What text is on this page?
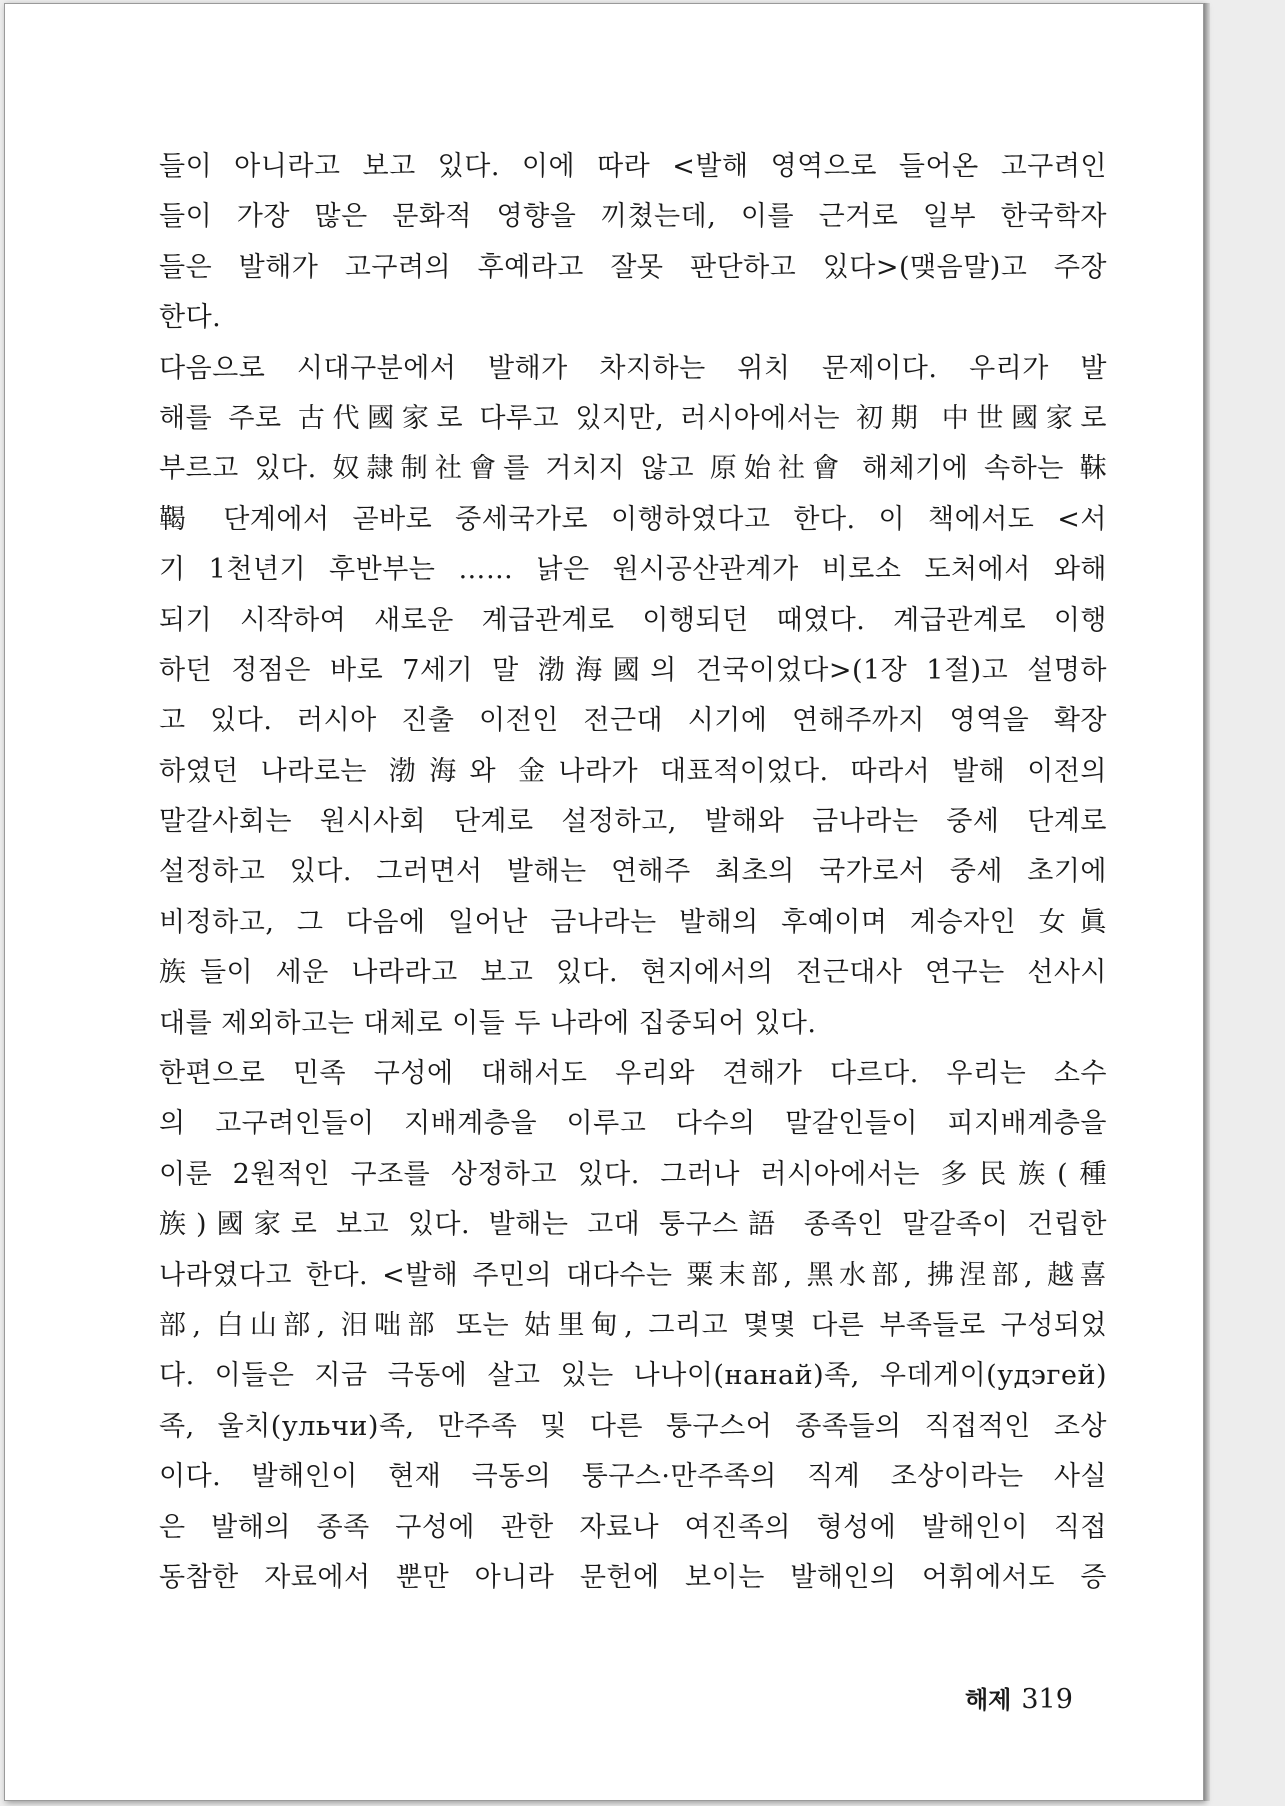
들이 아니라고 보고 있다. 이에 따라 <발해 영역으로 들어온 고구려인
들이 가장 많은 문화적 영향을 끼쳤는데, 이를 근거로 일부 한국학자
들은 발해가 고구려의 후예라고 잘못 판단하고 있다>(맺음말)고 주장
한다.
다음으로 시대구분에서 발해가 차지하는 위치 문제이다. 우리가 발
해를 주로 古代國家로 다루고 있지만, 러시아에서는 初期 中世國家로
부르고 있다. 奴隷制社會를 거치지 않고 原始社會 해체기에 속하는 靺
鞨 단계에서 곧바로 중세국가로 이행하였다고 한다. 이 책에서도 <서
기 1천년기 후반부는 …… 낡은 원시공산관계가 비로소 도처에서 와해
되기 시작하여 새로운 계급관계로 이행되던 때였다. 계급관계로 이행
하던 정점은 바로 7세기 말 渤海國의 건국이었다>(1장 1절)고 설명하
고 있다. 러시아 진출 이전인 전근대 시기에 연해주까지 영역을 확장
하였던 나라로는 渤海와 金나라가 대표적이었다. 따라서 발해 이전의
말갈사회는 원시사회 단계로 설정하고, 발해와 금나라는 중세 단계로
설정하고 있다. 그러면서 발해는 연해주 최초의 국가로서 중세 초기에
비정하고, 그 다음에 일어난 금나라는 발해의 후예이며 계승자인 女眞
族들이 세운 나라라고 보고 있다. 현지에서의 전근대사 연구는 선사시
대를 제외하고는 대체로 이들 두 나라에 집중되어 있다.
한편으로 민족 구성에 대해서도 우리와 견해가 다르다. 우리는 소수
의 고구려인들이 지배계층을 이루고 다수의 말갈인들이 피지배계층을
이룬 2원적인 구조를 상정하고 있다. 그러나 러시아에서는 多民族(種
族)國家로 보고 있다. 발해는 고대 퉁구스語 종족인 말갈족이 건립한
나라였다고 한다. <발해 주민의 대다수는 粟末部, 黑水部, 拂涅部, 越喜
部, 白山部, 汨咄部 또는 姑里甸, 그리고 몇몇 다른 부족들로 구성되었
다. 이들은 지금 극동에 살고 있는 나나이(нанай)족, 우데게이(удэгей)
족, 울치(ульчи)족, 만주족 및 다른 퉁구스어 종족들의 직접적인 조상
이다. 발해인이 현재 극동의 퉁구스·만주족의 직계 조상이라는 사실
은 발해의 종족 구성에 관한 자료나 여진족의 형성에 발해인이 직접
동참한 자료에서 뿐만 아니라 문헌에 보이는 발해인의 어휘에서도 증
해제 319
